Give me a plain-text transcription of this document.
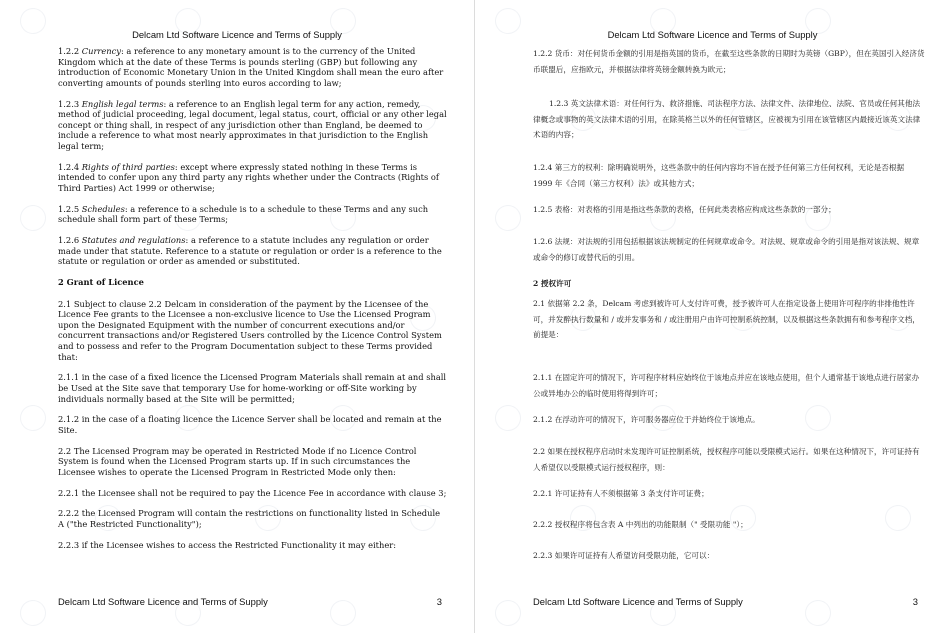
Delcam Ltd Software Licence and Terms of Supply

1.2.2 Currency: a reference to any monetary amount is to the currency of the United Kingdom which at the date of these Terms is pounds sterling (GBP) but following any introduction of Economic Monetary Union in the United Kingdom shall mean the euro after converting amounts of pounds sterling into euros according to law;

1.2.3 English legal terms: a reference to an English legal term for any action, remedy, method of judicial proceeding, legal document, legal status, court, official or any other legal concept or thing shall, in respect of any jurisdiction other than England, be deemed to include a reference to what most nearly approximates in that jurisdiction to the English legal term;

1.2.4 Rights of third parties: except where expressly stated nothing in these Terms is intended to confer upon any third party any rights whether under the Contracts (Rights of Third Parties) Act 1999 or otherwise;

1.2.5 Schedules: a reference to a schedule is to a schedule to these Terms and any such schedule shall form part of these Terms;

1.2.6 Statutes and regulations: a reference to a statute includes any regulation or order made under that statute. Reference to a statute or regulation or order is a reference to the statute or regulation or order as amended or substituted.

2 Grant of Licence

2.1 Subject to clause 2.2 Delcam in consideration of the payment by the Licensee of the Licence Fee grants to the Licensee a non-exclusive licence to Use the Licensed Program upon the Designated Equipment with the number of concurrent executions and/or concurrent transactions and/or Registered Users controlled by the Licence Control System and to possess and refer to the Program Documentation subject to these Terms provided that:

2.1.1 in the case of a fixed licence the Licensed Program Materials shall remain at and shall be Used at the Site save that temporary Use for home-working or off-Site working by individuals normally based at the Site will be permitted;

2.1.2 in the case of a floating licence the Licence Server shall be located and remain at the Site.

2.2 The Licensed Program may be operated in Restricted Mode if no Licence Control System is found when the Licensed Program starts up. If in such circumstances the Licensee wishes to operate the Licensed Program in Restricted Mode only then:

2.2.1 the Licensee shall not be required to pay the Licence Fee in accordance with clause 3;

2.2.2 the Licensed Program will contain the restrictions on functionality listed in Schedule A ("the Restricted Functionality");

2.2.3 if the Licensee wishes to access the Restricted Functionality it may either:

Delcam Ltd Software Licence and Terms of Supply	3
Delcam Ltd Software Licence and Terms of Supply

1.2.2 货币：对任何货币金额的引用是指英国的货币，在截至这些条款的日期时为英镑（GBP），但在英国引入经济货币联盟后，应指欧元，并根据法律将英镑金额转换为欧元；

1.2.3 英文法律术语：对任何行为、救济措施、司法程序方法、法律文件、法律地位、法院、官员或任何其他法律概念或事物的英文法律术语的引用，在除英格兰以外的任何管辖区，应被视为引用在该管辖区内最接近该英文法律术语的内容；

1.2.4 第三方的权利：除明确说明外，这些条款中的任何内容均不旨在授予任何第三方任何权利，无论是否根据 1999 年《合同（第三方权利）法》或其他方式；

1.2.5 表格：对表格的引用是指这些条款的表格，任何此类表格应构成这些条款的一部分；

1.2.6 法规：对法规的引用包括根据该法规制定的任何规章或命令。对法规、规章或命令的引用是指对该法规、规章或命令的修订或替代后的引用。

2 授权许可

2.1 依据第 2.2 条，Delcam 考虑到被许可人支付许可费，授予被许可人在指定设备上使用许可程序的非排他性许可，并发醉执行数量和 / 或并发事务和 / 或注册用户由许可控制系统控制，以及根据这些条款拥有和参考程序文档，前提是：

2.1.1 在固定许可的情况下，许可程序材料应始终位于该地点并应在该地点使用，但个人通常基于该地点进行居家办公或异地办公的临时使用将得到许可；

2.1.2 在浮动许可的情况下，许可服务器应位于并始终位于该地点。

2.2 如果在授权程序启动时未发现许可证控制系统，授权程序可能以受限模式运行。如果在这种情况下，许可证持有人希望仅以受限模式运行授权程序，则：

2.2.1 许可证持有人不须根据第 3 条支付许可证费；

2.2.2 授权程序将包含表 A 中列出的功能限制（" 受限功能 "）；

2.2.3 如果许可证持有人希望访问受限功能，它可以：

Delcam Ltd Software Licence and Terms of Supply	3
